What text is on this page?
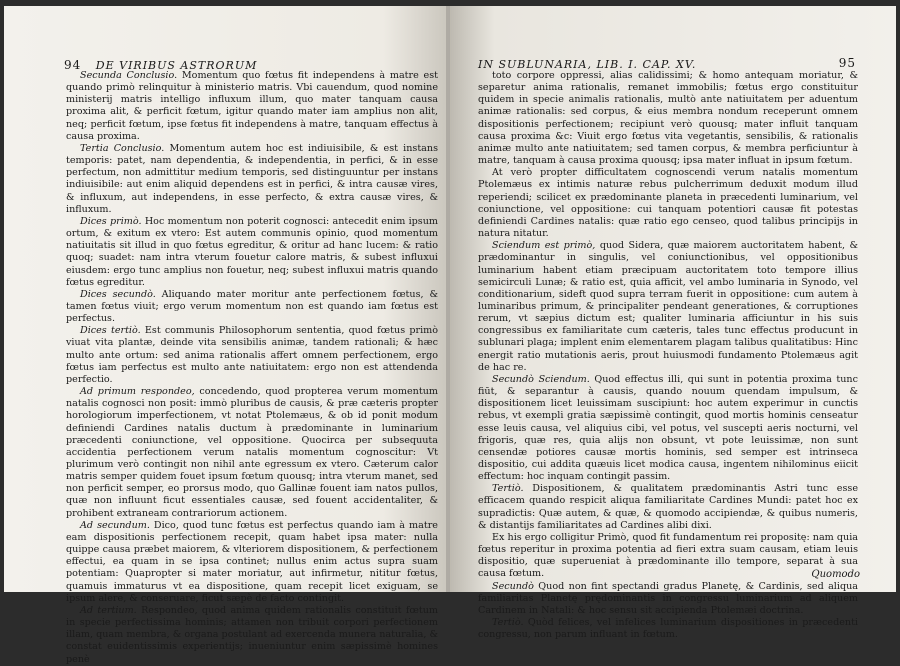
94 DE VIRIBUS ASTRORUM

Secunda Conclusio. Momentum quo fœtus fit independens à matre est quando primò relinquitur à ministerio matris. Vbi cauendum, quod nomine ministerij matris intelligo influxum illum, quo mater tanquam causa proxima alit, & perficit fœtum, igitur quando mater iam amplius non alit, neq; perficit fœtum, ipse fœtus fit independens à matre, tanquam effectus à causa proxima.

Tertia Conclusio. Momentum autem hoc est indiuisibile, & est instans temporis: patet, nam dependentia, & independentia, in perfici, & in esse perfectum, non admittitur medium temporis, sed distinguuntur per instans indiuisibile: aut enim aliquid dependens est in perfici, & intra causæ vires, & influxum, aut independens, in esse perfecto, & extra causæ vires, & influxum.

Dices primò. Hoc momentum non poterit cognosci: antecedit enim ipsum ortum, & exitum ex vtero: Est autem communis opinio, quod momentum natiuitatis sit illud in quo fœtus egreditur, & oritur ad hanc lucem: & ratio quoq; suadet: nam intra vterum fouetur calore matris, & subest influxui eiusdem: ergo tunc amplius non fouetur, neq; subest influxui matris quando fœtus egreditur.

Dices secundò. Aliquando mater moritur ante perfectionem fœtus, & tamen fœtus viuit; ergo verum momentum non est quando iam fœtus est perfectus.

Dices tertiò. Est communis Philosophorum sententia, quod fœtus primò viuat vita plantæ, deinde vita sensibilis animæ, tandem rationali; & hæc multo ante ortum: sed anima rationalis affert omnem perfectionem, ergo fœtus iam perfectus est multo ante natiuitatem: ergo non est attendenda perfectio.

Ad primum respondeo, concedendo, quod propterea verum momentum natalis cognosci non posit: immò pluribus de causis, & præ cæteris propter horologiorum imperfectionem, vt notat Ptolemæus, & ob id ponit modum definiendi Cardines natalis ductum à prædominante in luminarium præcedenti coniunctione, vel oppositione. Quocirca per subsequuta accidentia perfectionem verum natalis momentum cognoscitur: Vt plurimum verò contingit non nihil ante egressum ex vtero. Cæterum calor matris semper quidem fouet ipsum fœtum quousq; intra vterum manet, sed non perficit semper, eo prorsus modo, quo Gallinæ fouent iam natos pullos, quæ non influunt ficut essentiales causæ, sed fouent accidentaliter, & prohibent extraneam contrariorum actionem.

Ad secundum. Dico, quod tunc fœtus est perfectus quando iam à matre eam dispositionis perfectionem recepit, quam habet ipsa mater: nulla quippe causa præbet maiorem, & vlteriorem dispositionem, & perfectionem effectui, ea quam in se ipsa continet; nullus enim actus supra suam potentiam: Quapropter si mater moriatur, aut infirmetur, nititur fœtus, quamuis immaturus vt ea dispositione, quam recepit licet exiguam, se ipsum alere, & conseruare, ficut sæpè de facto contingit.

Ad tertium. Respondeo, quod anima quidem rationalis constituit fœtum in specie perfectissima hominis; attamen non tribuit corpori perfectionem illam, quam membra, & organa postulant ad exercenda munera naturalia, & constat euidentissimis experientijs; inueniuntur enim sæpissimè homines penè

IN SUBLUNARIA, LIB. I. CAP. XV.	95

toto corpore oppressi, alias calidissimi; & homo antequam moriatur, & separetur anima rationalis, remanet immobilis; fœtus ergo constituitur quidem in specie animalis rationalis, multò ante natiuitatem per aduentum animæ rationalis: sed corpus, & eius membra nondum receperunt omnem dispositionis perfectionem; recipiunt verò quousq; mater influit tanquam causa proxima &c: Viuit ergo fœtus vita vegetantis, sensibilis, & rationalis animæ multo ante natiuitatem; sed tamen corpus, & membra perficiuntur à matre, tanquam à causa proxima quousq; ipsa mater influat in ipsum fœtum.

At verò propter difficultatem cognoscendi verum natalis momentum Ptolemæus ex intimis naturæ rebus pulcherrimum deduxit modum illud reperiendi; scilicet ex prædominante planeta in præcedenti luminarium, vel coniunctione, vel oppositione: cui tanquam potentiori causæ fit potestas definiendi Cardines natalis: quæ ratio ego censeo, quod talibus principijs in natura nitatur.

Sciendum est primò, quod Sidera, quæ maiorem auctoritatem habent, & prædominantur in singulis, vel coniunctionibus, vel oppositionibus luminarium habent etiam præcipuam auctoritatem toto tempore illius semicirculi Lunæ; & ratio est, quia afficit, vel ambo luminaria in Synodo, vel conditionarium, sideft quod supra terram fuerit in oppositione: cum autem à luminaribus primum, & principaliter pendeant generationes, & corruptiones rerum, vt sæpius dictum est; qualiter luminaria afficiuntur in his suis congressibus ex familiaritate cum cæteris, tales tunc effectus producunt in sublunari plaga; implent enim elementarem plagam talibus qualitatibus: Hinc energit ratio mutationis aeris, prout huiusmodi fundamento Ptolemæus agit de hac re.

Secundò Sciendum. Quod effectus illi, qui sunt in potentia proxima tunc fiūt, & separantur à causis, quando nouum quendam impulsum, & dispositionem licet leuissimam suscipiunt: hoc autem experimur in cunctis rebus, vt exempli gratia sæpissimè contingit, quod mortis hominis censeatur esse leuis causa, vel aliquius cibi, vel potus, vel suscepti aeris nocturni, vel frigoris, quæ res, quia alijs non obsunt, vt pote leuissimæ, non sunt censendæ potiores causæ mortis hominis, sed semper est intrinseca dispositio, cui addita quæuis licet modica causa, ingentem nihilominus eiicit effectum: hoc inquam contingit passim.

Tertiò. Dispositionem, & qualitatem prædominantis Astri tunc esse efficacem quando respicit aliqua familiaritate Cardines Mundi: patet hoc ex supradictis: Quæ autem, & quæ, & quomodo accipiendæ, & quibus numeris, & distantijs familiaritates ad Cardines alibi dixi.

Ex his ergo colligitur Primò, quod fit fundamentum rei propositę: nam quia fœtus reperitur in proxima potentia ad fieri extra suam causam, etiam leuis dispositio, quæ superueniat à prædominante illo tempore, separat à sua causa fœtum.

Secundò Quod non fint spectandi gradus Planetę, & Cardinis, sed aliqua familiaritas Planetę prędominantis in congressu luminarium ad aliquem Cardinem in Natali: & hoc sensu sit accipienda Ptolemæi doctrina.

Tertiò. Quòd felices, vel infelices luminarium dispositiones in præcedenti congressu, non parum influant in fœtum.

Quomodo
